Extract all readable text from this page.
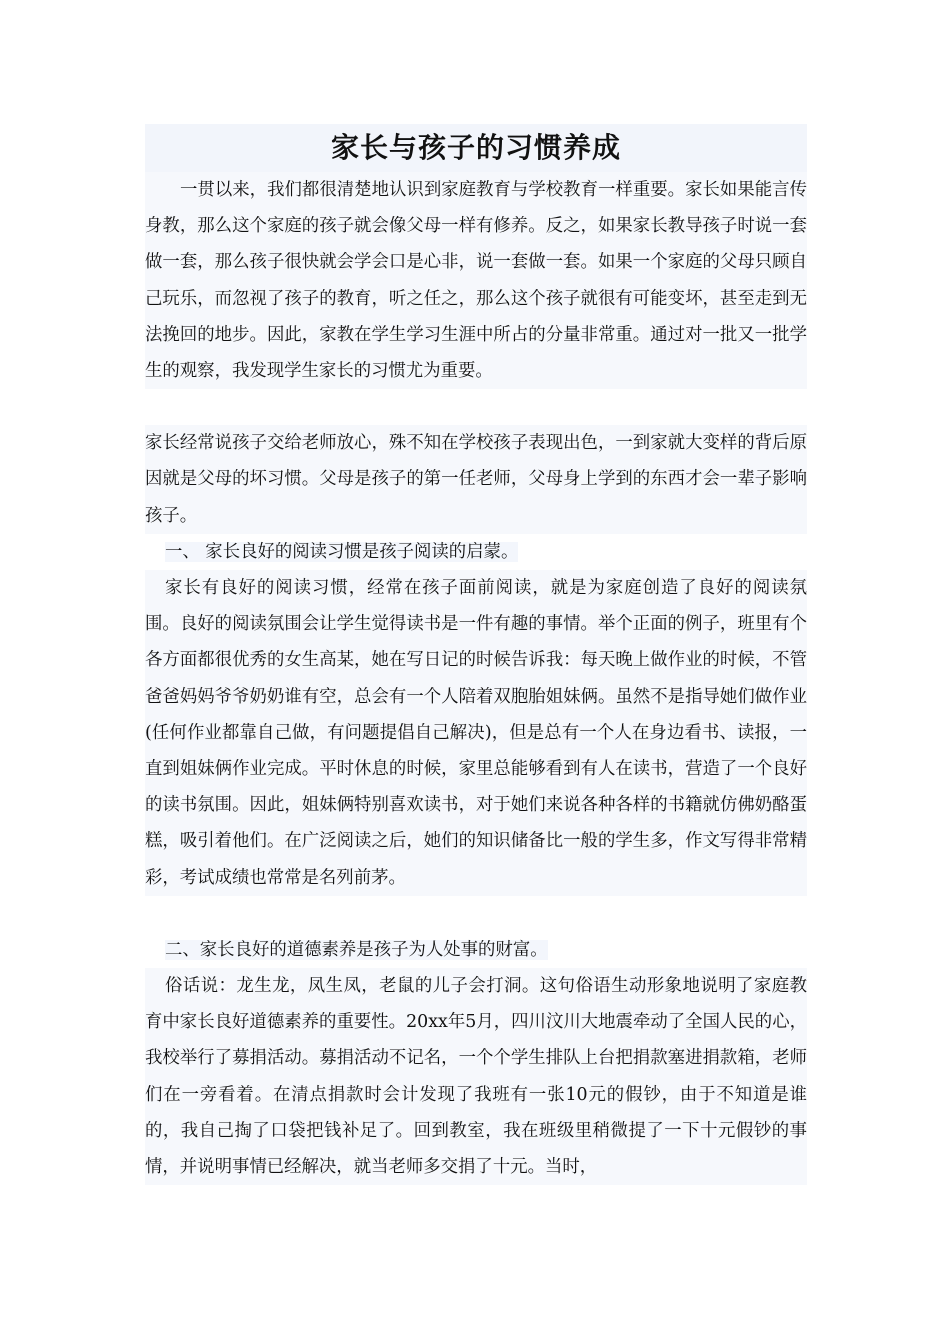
家长与孩子的习惯养成

一贯以来，我们都很清楚地认识到家庭教育与学校教育一样重要。家长如果能言传身教，那么这个家庭的孩子就会像父母一样有修养。反之，如果家长教导孩子时说一套做一套，那么孩子很快就会学会口是心非，说一套做一套。如果一个家庭的父母只顾自己玩乐，而忽视了孩子的教育，听之任之，那么这个孩子就很有可能变坏，甚至走到无法挽回的地步。因此，家教在学生学习生涯中所占的分量非常重。通过对一批又一批学生的观察，我发现学生家长的习惯尤为重要。

家长经常说孩子交给老师放心，殊不知在学校孩子表现出色，一到家就大变样的背后原因就是父母的坏习惯。父母是孩子的第一任老师，父母身上学到的东西才会一辈子影响孩子。

一、 家长良好的阅读习惯是孩子阅读的启蒙。

家长有良好的阅读习惯，经常在孩子面前阅读，就是为家庭创造了良好的阅读氛围。良好的阅读氛围会让学生觉得读书是一件有趣的事情。举个正面的例子，班里有个各方面都很优秀的女生高某，她在写日记的时候告诉我：每天晚上做作业的时候，不管爸爸妈妈爷爷奶奶谁有空，总会有一个人陪着双胞胎姐妹俩。虽然不是指导她们做作业(任何作业都靠自己做，有问题提倡自己解决)，但是总有一个人在身边看书、读报，一直到姐妹俩作业完成。平时休息的时候，家里总能够看到有人在读书，营造了一个良好的读书氛围。因此，姐妹俩特别喜欢读书，对于她们来说各种各样的书籍就仿佛奶酪蛋糕，吸引着他们。在广泛阅读之后，她们的知识储备比一般的学生多，作文写得非常精彩，考试成绩也常常是名列前茅。

二、家长良好的道德素养是孩子为人处事的财富。

俗话说：龙生龙，凤生凤，老鼠的儿子会打洞。这句俗语生动形象地说明了家庭教育中家长良好道德素养的重要性。20xx年5月，四川汶川大地震牵动了全国人民的心，我校举行了募捐活动。募捐活动不记名，一个个学生排队上台把捐款塞进捐款箱，老师们在一旁看着。在清点捐款时会计发现了我班有一张10元的假钞，由于不知道是谁的，我自己掏了口袋把钱补足了。回到教室，我在班级里稍微提了一下十元假钞的事情，并说明事情已经解决，就当老师多交捐了十元。当时，
